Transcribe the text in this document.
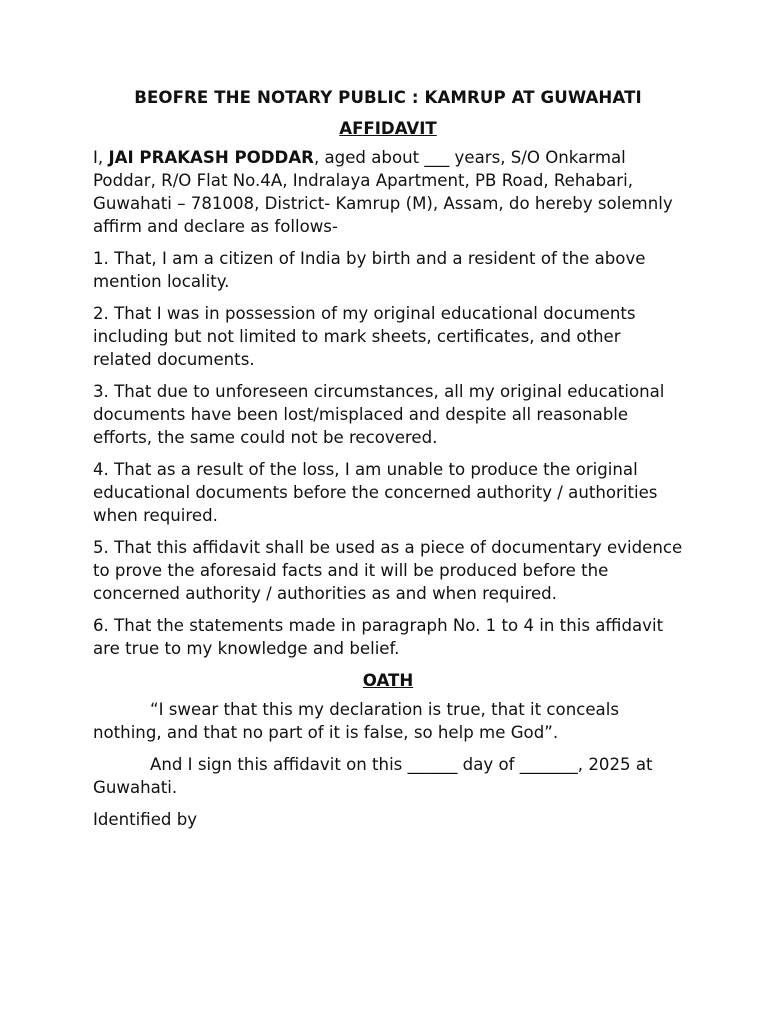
BEOFRE THE NOTARY PUBLIC : KAMRUP AT GUWAHATI
AFFIDAVIT

I, JAI PRAKASH PODDAR, aged about ___ years, S/O Onkarmal Poddar, R/O Flat No.4A, Indralaya Apartment, PB Road, Rehabari, Guwahati – 781008, District- Kamrup (M), Assam, do hereby solemnly affirm and declare as follows-

1. That, I am a citizen of India by birth and a resident of the above mention locality.

2. That I was in possession of my original educational documents including but not limited to mark sheets, certificates, and other related documents.

3. That due to unforeseen circumstances, all my original educational documents have been lost/misplaced and despite all reasonable efforts, the same could not be recovered.

4. That as a result of the loss, I am unable to produce the original educational documents before the concerned authority / authorities when required.

5. That this affidavit shall be used as a piece of documentary evidence to prove the aforesaid facts and it will be produced before the concerned authority / authorities as and when required.

6. That the statements made in paragraph No. 1 to 4 in this affidavit are true to my knowledge and belief.

OATH

“I swear that this my declaration is true, that it conceals nothing, and that no part of it is false, so help me God”.

And I sign this affidavit on this ______ day of _______, 2025 at Guwahati.

Identified by
